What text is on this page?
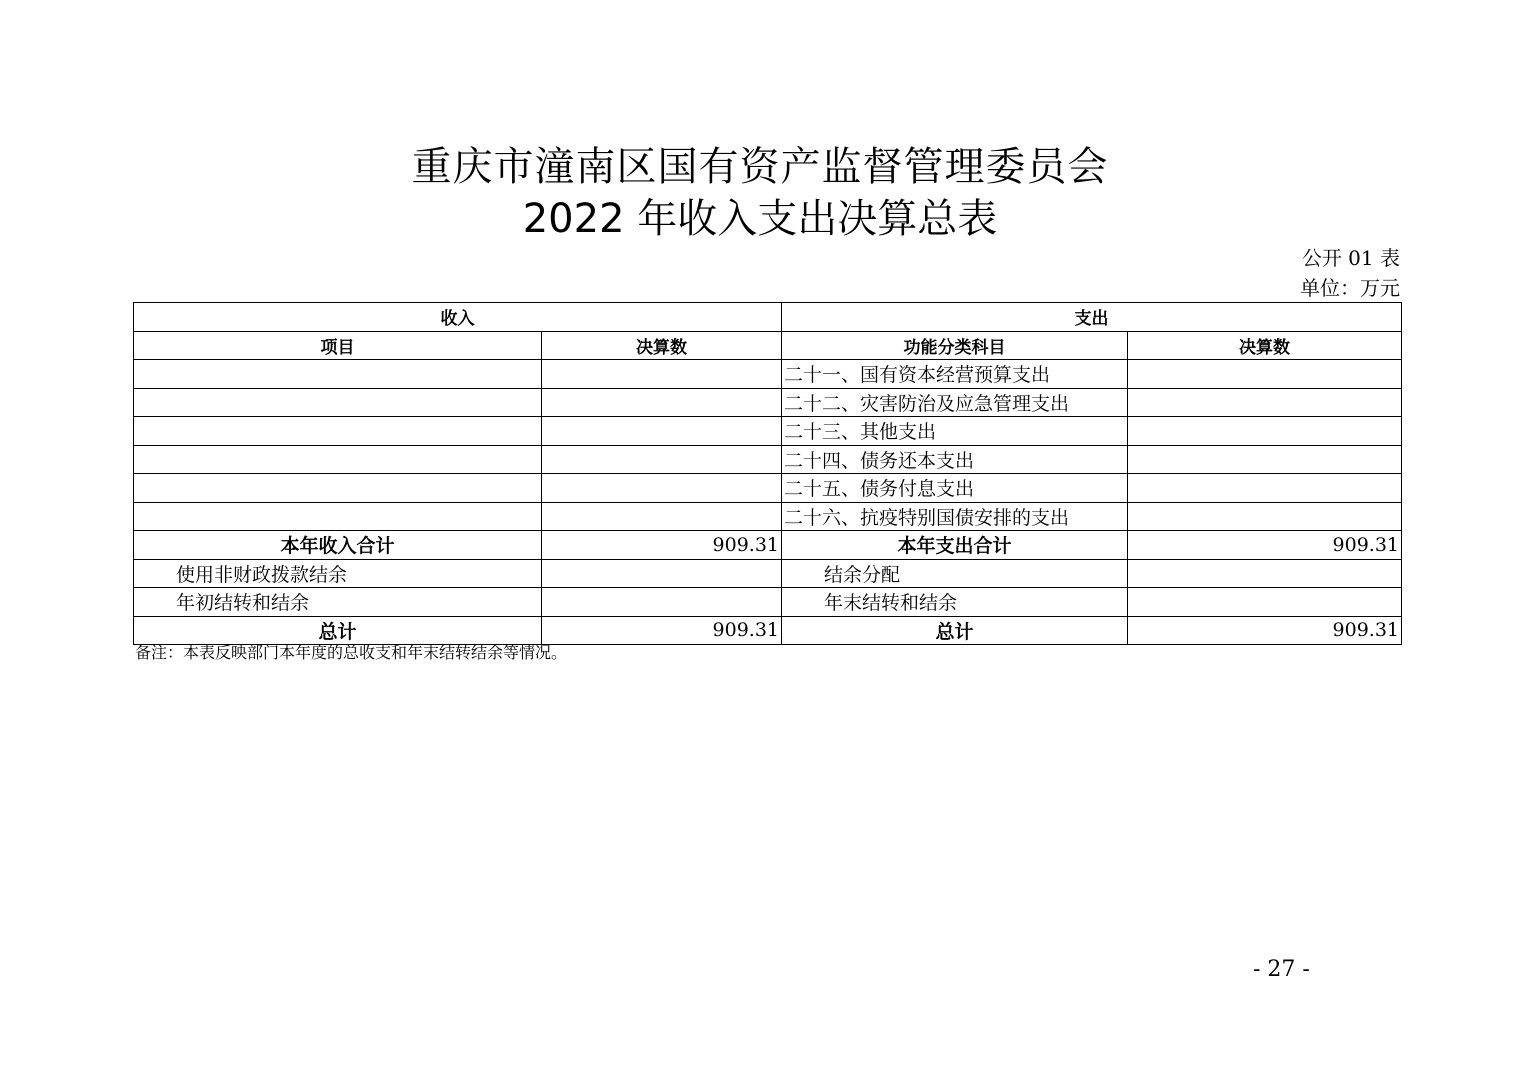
重庆市潼南区国有资产监督管理委员会
2022 年收入支出决算总表
公开 01 表
单位：万元
收入		支出	
项目	决算数	功能分类科目	决算数
		二十一、国有资本经营预算支出	
		二十二、灾害防治及应急管理支出	
		二十三、其他支出	
		二十四、债务还本支出	
		二十五、债务付息支出	
		二十六、抗疫特别国债安排的支出	
本年收入合计	909.31	本年支出合计	909.31
使用非财政拨款结余		结余分配	
年初结转和结余		年末结转和结余	
总计	909.31	总计	909.31
备注：本表反映部门本年度的总收支和年末结转结余等情况。
- 27 -
